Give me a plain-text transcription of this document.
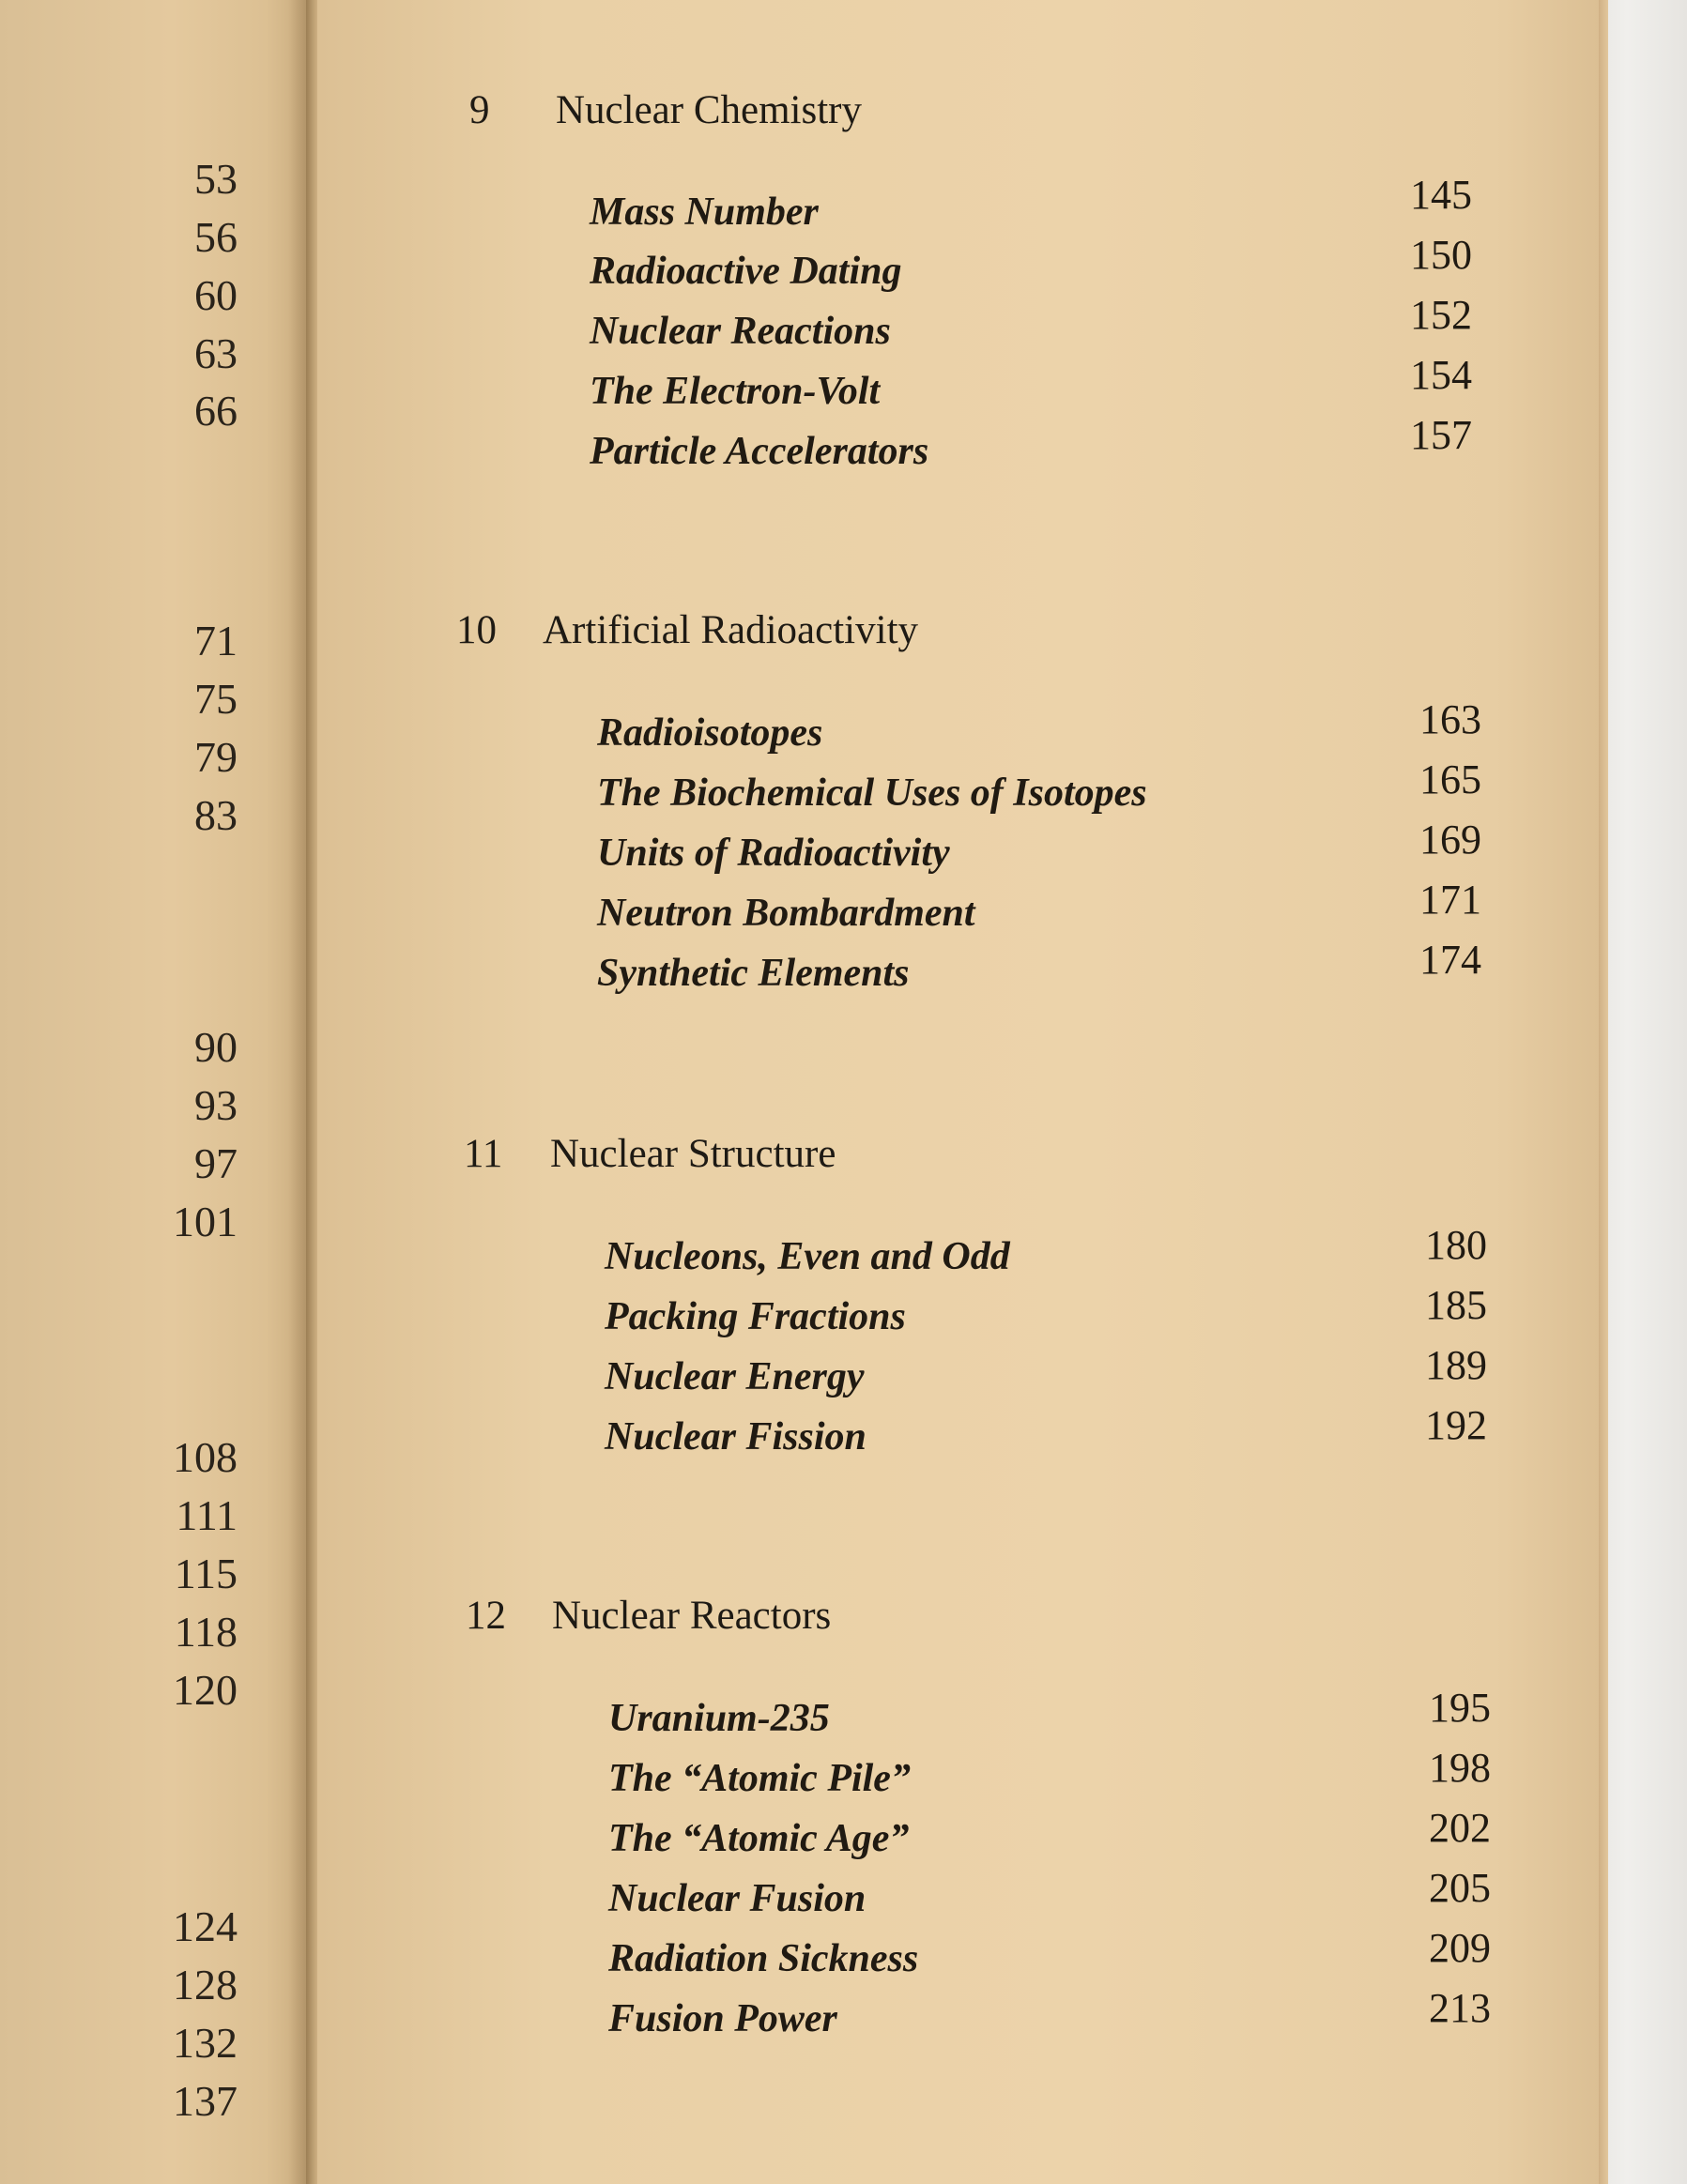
53
56
60
63
66
71
75
79
83
90
93
97
101
108
111
115
118
120
124
128
132
137
9 Nuclear Chemistry
Mass Number	145
Radioactive Dating	150
Nuclear Reactions	152
The Electron-Volt	154
Particle Accelerators	157
10 Artificial Radioactivity
Radioisotopes	163
The Biochemical Uses of Isotopes	165
Units of Radioactivity	169
Neutron Bombardment	171
Synthetic Elements	174
11 Nuclear Structure
Nucleons, Even and Odd	180
Packing Fractions	185
Nuclear Energy	189
Nuclear Fission	192
12 Nuclear Reactors
Uranium-235	195
The “Atomic Pile”	198
The “Atomic Age”	202
Nuclear Fusion	205
Radiation Sickness	209
Fusion Power	213
